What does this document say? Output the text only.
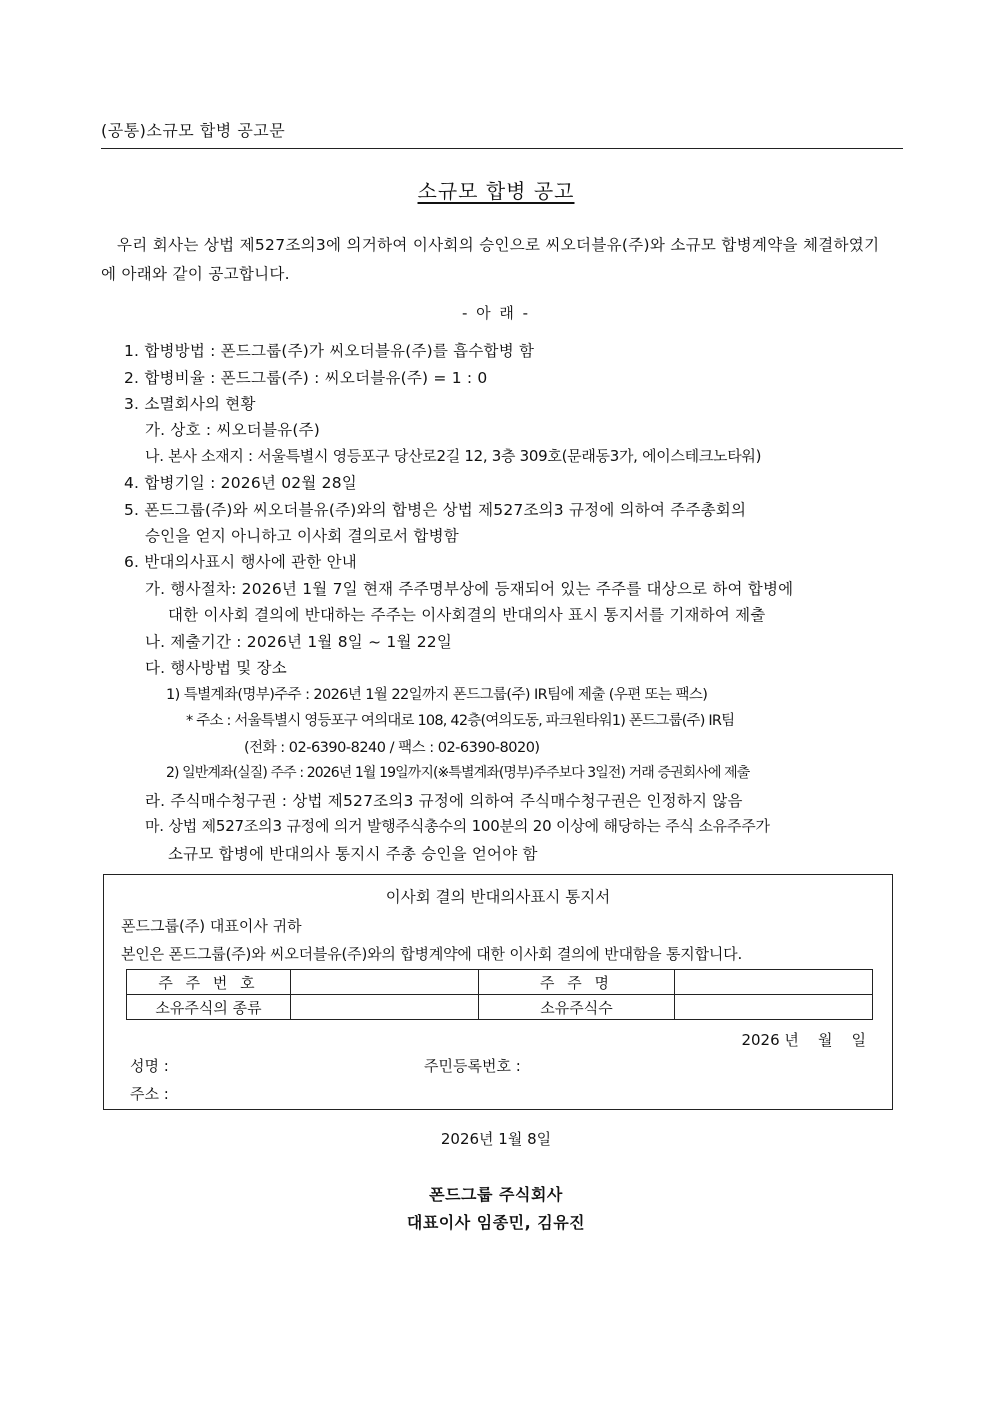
(공통)소규모 합병 공고문
소규모 합병 공고
우리 회사는 상법 제527조의3에 의거하여 이사회의 승인으로 씨오더블유(주)와 소규모 합병계약을 체결하였기에 아래와 같이 공고합니다.
- 아 래 -
1. 합병방법 : 폰드그룹(주)가 씨오더블유(주)를 흡수합병 함
2. 합병비율 : 폰드그룹(주) : 씨오더블유(주) = 1 : 0
3. 소멸회사의 현황
가. 상호 : 씨오더블유(주)
나. 본사 소재지 : 서울특별시 영등포구 당산로2길 12, 3층 309호(문래동3가, 에이스테크노타워)
4. 합병기일 : 2026년 02월 28일
5. 폰드그룹(주)와 씨오더블유(주)와의 합병은 상법 제527조의3 규정에 의하여 주주총회의
승인을 얻지 아니하고 이사회 결의로서 합병함
6. 반대의사표시 행사에 관한 안내
가. 행사절차: 2026년 1월 7일 현재 주주명부상에 등재되어 있는 주주를 대상으로 하여 합병에
대한 이사회 결의에 반대하는 주주는 이사회결의 반대의사 표시 통지서를 기재하여 제출
나. 제출기간 : 2026년 1월 8일 ~ 1월 22일
다. 행사방법 및 장소
1) 특별계좌(명부)주주 : 2026년 1월 22일까지 폰드그룹(주) IR팀에 제출 (우편 또는 팩스)
* 주소 : 서울특별시 영등포구 여의대로 108, 42층(여의도동, 파크원타워1) 폰드그룹(주) IR팀
(전화 : 02-6390-8240 / 팩스 : 02-6390-8020)
2) 일반계좌(실질) 주주 : 2026년 1월 19일까지(※특별계좌(명부)주주보다 3일전) 거래 증권회사에 제출
라. 주식매수청구권 : 상법 제527조의3 규정에 의하여 주식매수청구권은 인정하지 않음
마. 상법 제527조의3 규정에 의거 발행주식총수의 100분의 20 이상에 해당하는 주식 소유주주가
소규모 합병에 반대의사 통지시 주총 승인을 얻어야 함
이사회 결의 반대의사표시 통지서
폰드그룹(주) 대표이사 귀하
본인은 폰드그룹(주)와 씨오더블유(주)와의 합병계약에 대한 이사회 결의에 반대함을 통지합니다.
주 주 번 호		주 주 명	
소유주식의 종류		소유주식수	
2026 년    월    일
성명 :	주민등록번호 :
주소 :
2026년 1월 8일
폰드그룹 주식회사
대표이사 임종민, 김유진
